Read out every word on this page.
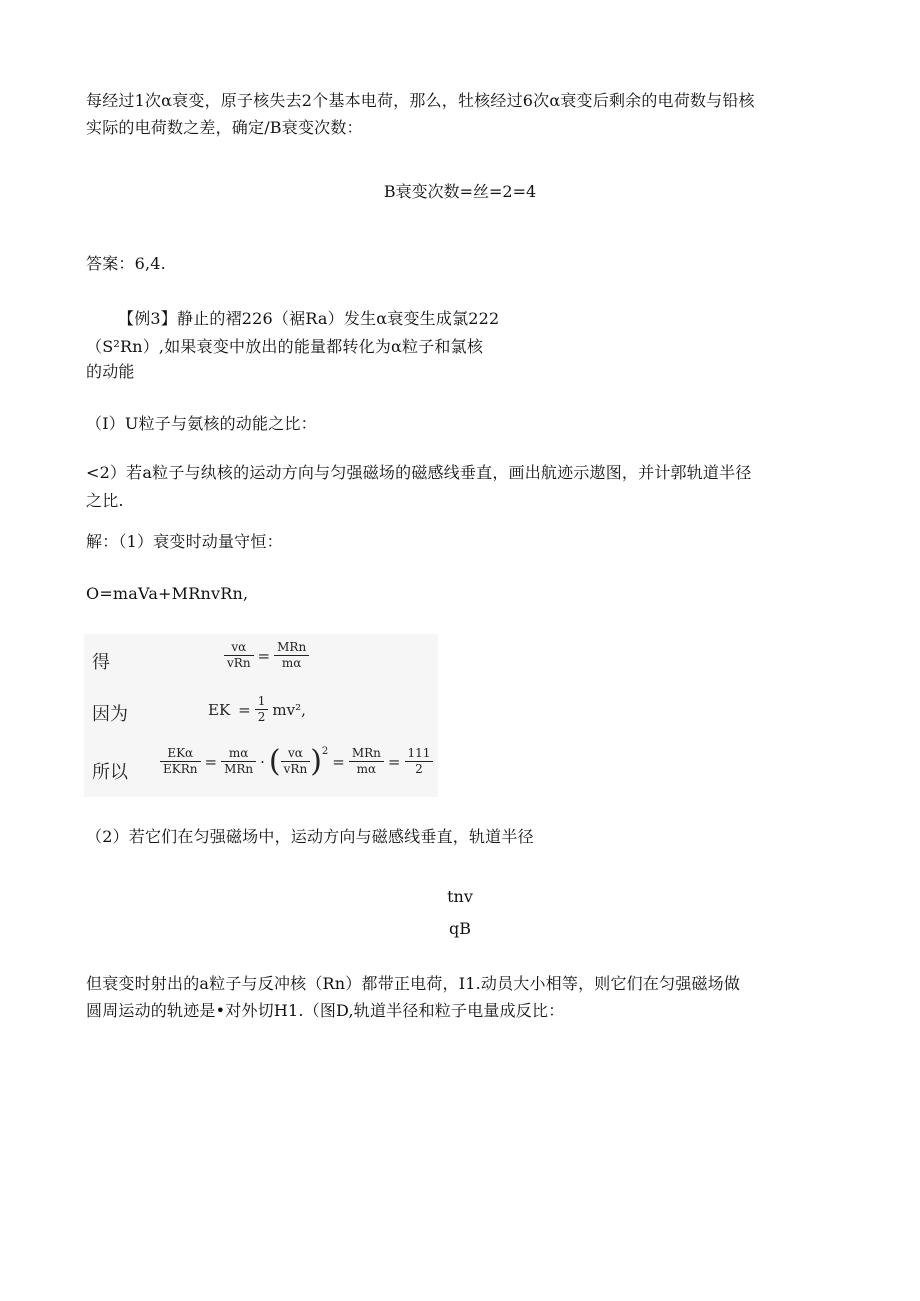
每经过1次α衰变，原子核失去2个基本电荷，那么，牡核经过6次α衰变后剩余的电荷数与铅核
实际的电荷数之差，确定/B衰变次数：
B衰变次数=丝=2=4
答案：6,4.
【例3】静止的褶226（裾Ra）发生α衰变生成氯222
（S²Rn）,如果衰变中放出的能量都转化为α粒子和氯核
的动能
（I）U粒子与氨核的动能之比：
<2）若a粒子与纨核的运动方向与匀强磁场的磁感线垂直，画出航迹示遨图，并计郭轨道半径
之比.
解：（1）衰变时动量守恒：
O=maVa+MRnvRn,
得	$\frac{v\alpha}{\text{vRn}} = \frac{\text{MRn}}{m\alpha}$
因为	EK = $\frac{1}{2} mv^2$,
所以	$\frac{\text{EKα}}{\text{EKRn}} = \frac{m\alpha}{\text{MRn}}$ · ( $\frac{v\alpha}{\text{vRn}} )^2= \frac{\text{MRn}}{m\alpha} = \frac{111}{2}$
（2）若它们在匀强磁场中，运动方向与磁感线垂直，轨道半径
tnv
qB
但衰变时射出的a粒子与反冲核（Rn）都带正电荷，I1.动员大小相等，则它们在匀强磁场做
圆周运动的轨迹是•对外切H1.（图D,轨道半径和粒子电量成反比：
